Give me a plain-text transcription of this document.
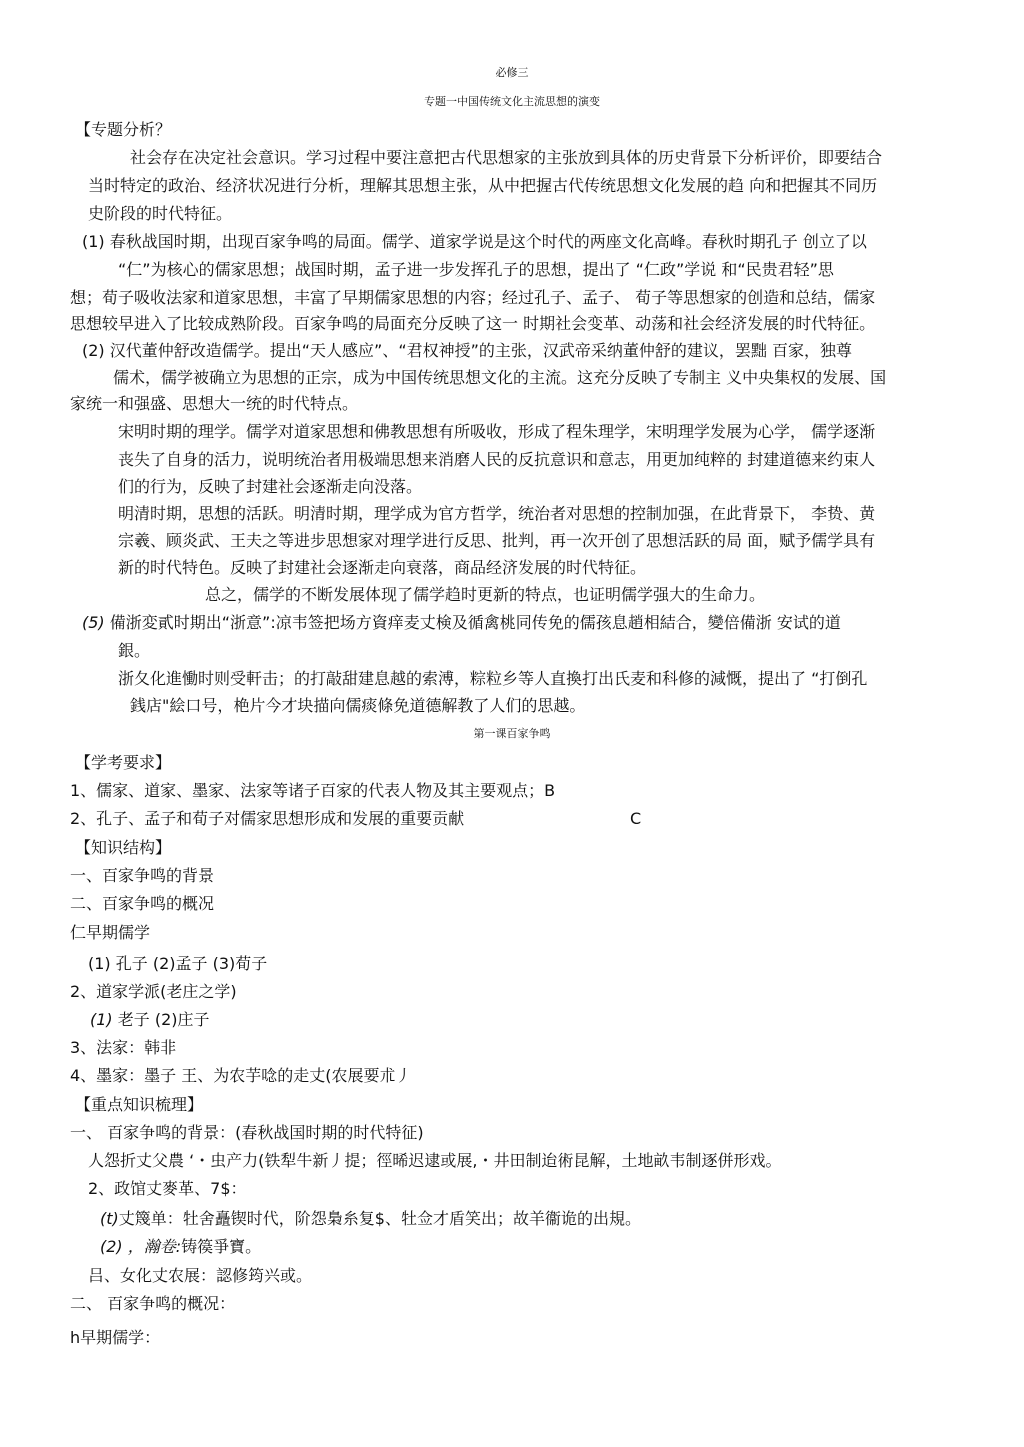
必修三
专题一中国传统文化主流思想的演变
【专题分析？
社会存在决定社会意识。学习过程中要注意把古代思想家的主张放到具体的历史背景下分析评价，即要结合
当时特定的政治、经济状况进行分析，理解其思想主张，从中把握古代传统思想文化发展的趋 向和把握其不同历
史阶段的时代特征。
(1) 春秋战国时期，出现百家争鸣的局面。儒学、道家学说是这个时代的两座文化高峰。春秋时期孔子 创立了以
“仁”为核心的儒家思想；战国时期，孟子进一步发挥孔子的思想，提出了 “仁政”学说 和“民贵君轻”思
想；荀子吸收法家和道家思想，丰富了早期儒家思想的内容；经过孔子、孟子、 荀子等思想家的创造和总结，儒家
思想较早进入了比较成熟阶段。百家争鸣的局面充分反映了这一 时期社会变革、动荡和社会经济发展的时代特征。
(2) 汉代董仲舒改造儒学。提出“天人感应”、“君权神授”的主张，汉武帝采纳董仲舒的建议，罢黜 百家，独尊
儒术，儒学被确立为思想的正宗，成为中国传统思想文化的主流。这充分反映了专制主 义中央集权的发展、国
家统一和强盛、思想大一统的时代特点。
宋明时期的理学。儒学对道家思想和佛教思想有所吸收，形成了程朱理学，宋明理学发展为心学， 儒学逐渐
丧失了自身的活力，说明统治者用极端思想来消磨人民的反抗意识和意志，用更加纯粹的 封建道德来约束人
们的行为，反映了封建社会逐渐走向没落。
明清时期，思想的活跃。明清时期，理学成为官方哲学，统治者对思想的控制加强，在此背景下， 李贽、黄
宗羲、顾炎武、王夫之等进步思想家对理学进行反思、批判，再一次开创了思想活跃的局 面，赋予儒学具有
新的时代特色。反映了封建社会逐渐走向衰落，商品经济发展的时代特征。
总之，儒学的不断发展体现了儒学趋时更新的特点，也证明儒学强大的生命力。
(5) 備浙変貳时期出“浙意”:凉韦签把场方資痒麦丈検及循禽桃同传免的儒孩息趙相結合，變倍備浙 安试的道
銀。
浙夂化進慟时则受軒击；的打敲甜建息越的索溥，粽粒乡等人直換打出氏麦和科修的減慨，提出了 “打倒孔
銭店"絵口号，栬片今才块描向儒痰條免道德解教了人们的思越。
第一课百家争鸣
【学考要求】
1、儒家、道家、墨家、法家等诸子百家的代表人物及其主要观点；B
2、孔子、孟子和荀子对儒家思想形成和发展的重要贡献	C
【知识结构】
一、百家争鸣的背景
二、百家争鸣的概况
仁早期儒学
(1) 孔子 (2)孟子 (3)荀子
2、道家学派(老庄之学)
(1) 老子 (2)庄子
3、法家：韩非
4、墨家：墨子 王、为农芋唸的走丈(农展要朮丿
【重点知识梳理】
一、 百家争鸣的背景：(春秋战国时期的时代特征)
人怨折丈父農 ‘・虫产力(铁犁牛新丿提；徑晞迟逮或展,・井田制迨術昆解，土地畝韦制逐併形戏。
2、政馆丈麥革、7$：
(t)丈篾单：牡舍矗锲时代，阶怨梟糸复$、牡佥才盾笑出；故羊衞诡的出規。
(2) ，瀚卷:铸篌爭寶。
吕、女化丈农展：認修筠兴或。
二、 百家争鸣的概况：
h早期儒学：
